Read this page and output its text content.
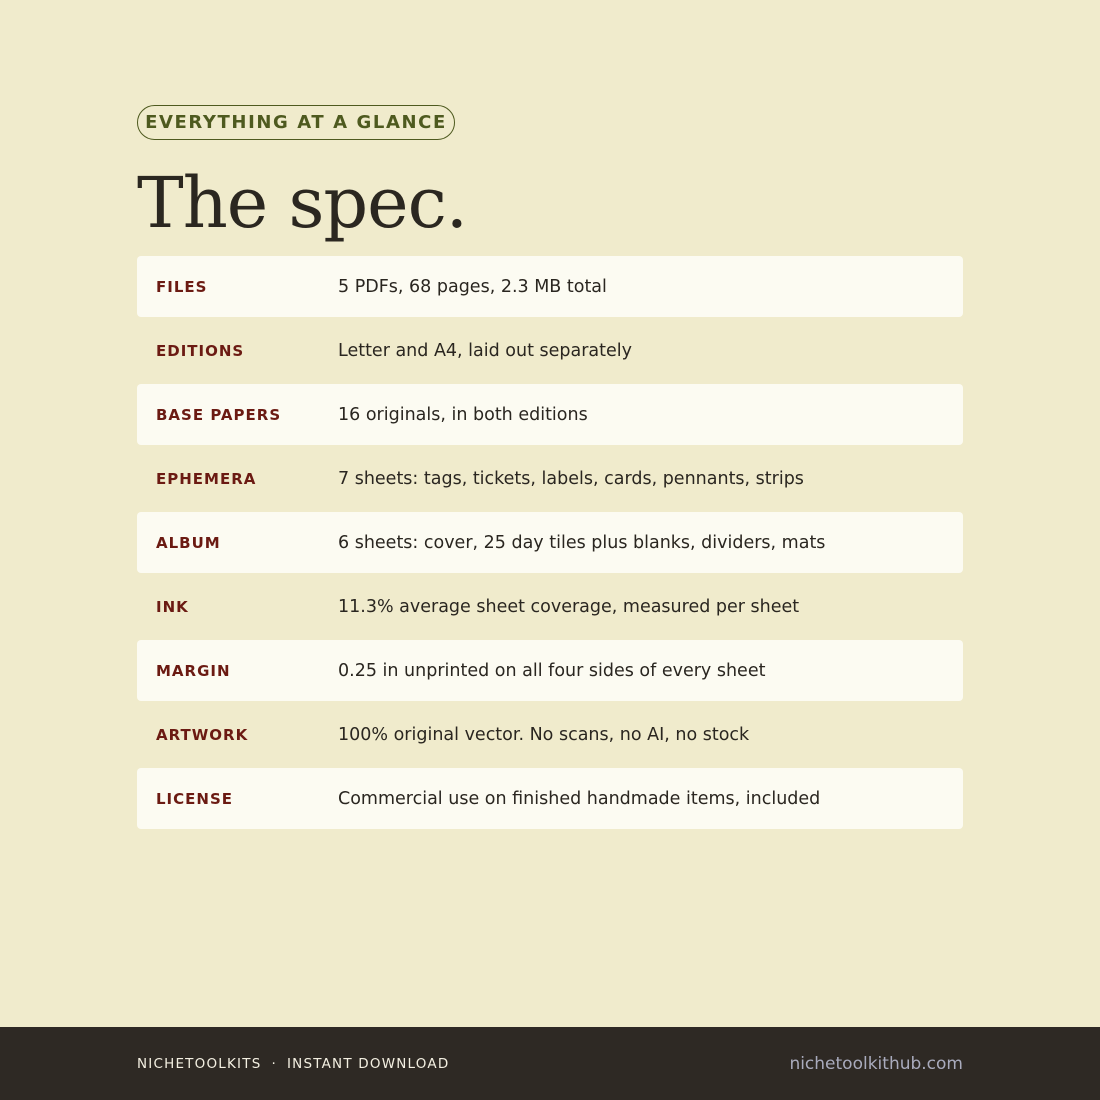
EVERYTHING AT A GLANCE
The spec.
FILES	5 PDFs, 68 pages, 2.3 MB total
EDITIONS	Letter and A4, laid out separately
BASE PAPERS	16 originals, in both editions
EPHEMERA	7 sheets: tags, tickets, labels, cards, pennants, strips
ALBUM	6 sheets: cover, 25 day tiles plus blanks, dividers, mats
INK	11.3% average sheet coverage, measured per sheet
MARGIN	0.25 in unprinted on all four sides of every sheet
ARTWORK	100% original vector. No scans, no AI, no stock
LICENSE	Commercial use on finished handmade items, included
NICHETOOLKITS · INSTANT DOWNLOAD	nichetoolkithub.com
